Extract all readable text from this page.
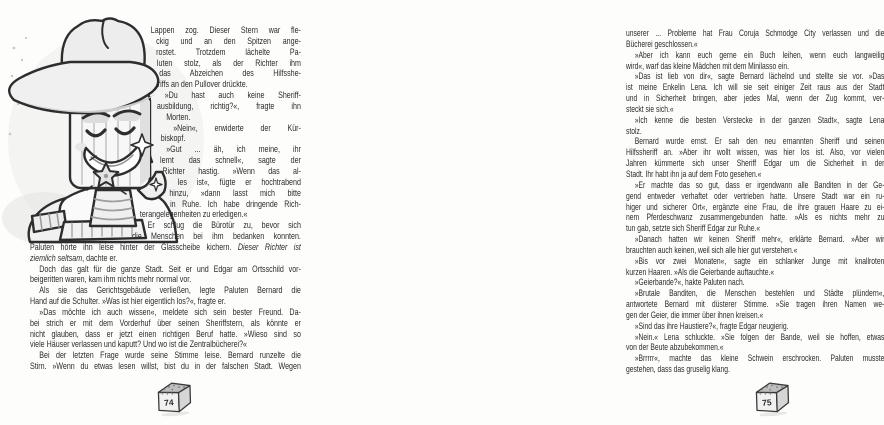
Lappen zog. Dieser Stern war fle-
ckig und an den Spitzen ange-
rostet. Trotzdem lächelte Pa-
luten stolz, als der Richter ihm
das Abzeichen des Hilfsshe-
riffs an den Pullover drückte.
»Du hast auch keine Sheriff-
ausbildung, richtig?«, fragte ihn
Morten.
»Nein«, erwiderte der Kür-
biskopf.
»Gut ... äh, ich meine, ihr
lernt das schnell«, sagte der
Richter hastig. »Wenn das al-
les ist«, fügte er hochtrabend
hinzu, »dann lasst mich bitte
in Ruhe. Ich habe dringende Rich-
terangelegenheiten zu erledigen.«
Er schlug die Bürotür zu, bevor sich
die Menschen bei ihm bedanken konnten.
Paluten hörte ihn leise hinter der Glasscheibe kichern. Dieser Richter ist
ziemlich seltsam, dachte er.
Doch das galt für die ganze Stadt. Seit er und Edgar am Ortsschild vor-
beigeritten waren, kam ihm nichts mehr normal vor.
Als sie das Gerichtsgebäude verließen, legte Paluten Bernard die
Hand auf die Schulter. »Was ist hier eigentlich los?«, fragte er.
»Das möchte ich auch wissen«, meldete sich sein bester Freund. Da-
bei strich er mit dem Vorderhuf über seinen Sheriffstern, als könnte er
nicht glauben, dass er jetzt einen richtigen Beruf hatte. »Wieso sind so
viele Häuser verlassen und kaputt? Und wo ist die Zentralbücherei?«
Bei der letzten Frage wurde seine Stimme leise. Bernard runzelte die
Stirn. »Wenn du etwas lesen willst, bist du in der falschen Stadt. Wegen
74
unserer ... Probleme hat Frau Coruja Schmodge City verlassen und die
Bücherei geschlossen.«
»Aber ich kann euch gerne ein Buch leihen, wenn euch langweilig
wird«, warf das kleine Mädchen mit dem Minilasso ein.
»Das ist lieb von dir«, sagte Bernard lächelnd und stellte sie vor. »Das
ist meine Enkelin Lena. Ich will sie seit einiger Zeit raus aus der Stadt
und in Sicherheit bringen, aber jedes Mal, wenn der Zug kommt, ver-
steckt sie sich.«
»Ich kenne die besten Verstecke in der ganzen Stadt«, sagte Lena
stolz.
Bernard wurde ernst. Er sah den neu ernannten Sheriff und seinen
Hilfssheriff an. »Aber ihr wollt wissen, was hier los ist. Also, vor vielen
Jahren kümmerte sich unser Sheriff Edgar um die Sicherheit in der
Stadt. Ihr habt ihn ja auf dem Foto gesehen.«
»Er machte das so gut, dass er irgendwann alle Banditen in der Ge-
gend entweder verhaftet oder vertrieben hatte. Unsere Stadt war ein ru-
higer und sicherer Ort«, ergänzte eine Frau, die ihre grauen Haare zu ei-
nem Pferdeschwanz zusammengebunden hatte. »Als es nichts mehr zu
tun gab, setzte sich Sheriff Edgar zur Ruhe.«
»Danach hatten wir keinen Sheriff mehr«, erklärte Bernard. »Aber wir
brauchten auch keinen, weil sich alle hier gut verstehen.«
»Bis vor zwei Monaten«, sagte ein schlanker Junge mit knallroten
kurzen Haaren. »Als die Geierbande auftauchte.«
»Geierbande?«, hakte Paluten nach.
»Brutale Banditen, die Menschen bestehlen und Städte plündern«,
antwortete Bernard mit düsterer Stimme. »Sie tragen ihren Namen we-
gen der Geier, die immer über ihnen kreisen.«
»Sind das ihre Haustiere?«, fragte Edgar neugierig.
»Nein.« Lena schluckte. »Sie folgen der Bande, weil sie hoffen, etwas
von der Beute abzubekommen.«
»Brrrrr«, machte das kleine Schwein erschrocken. Paluten musste
gestehen, dass das gruselig klang.
75
